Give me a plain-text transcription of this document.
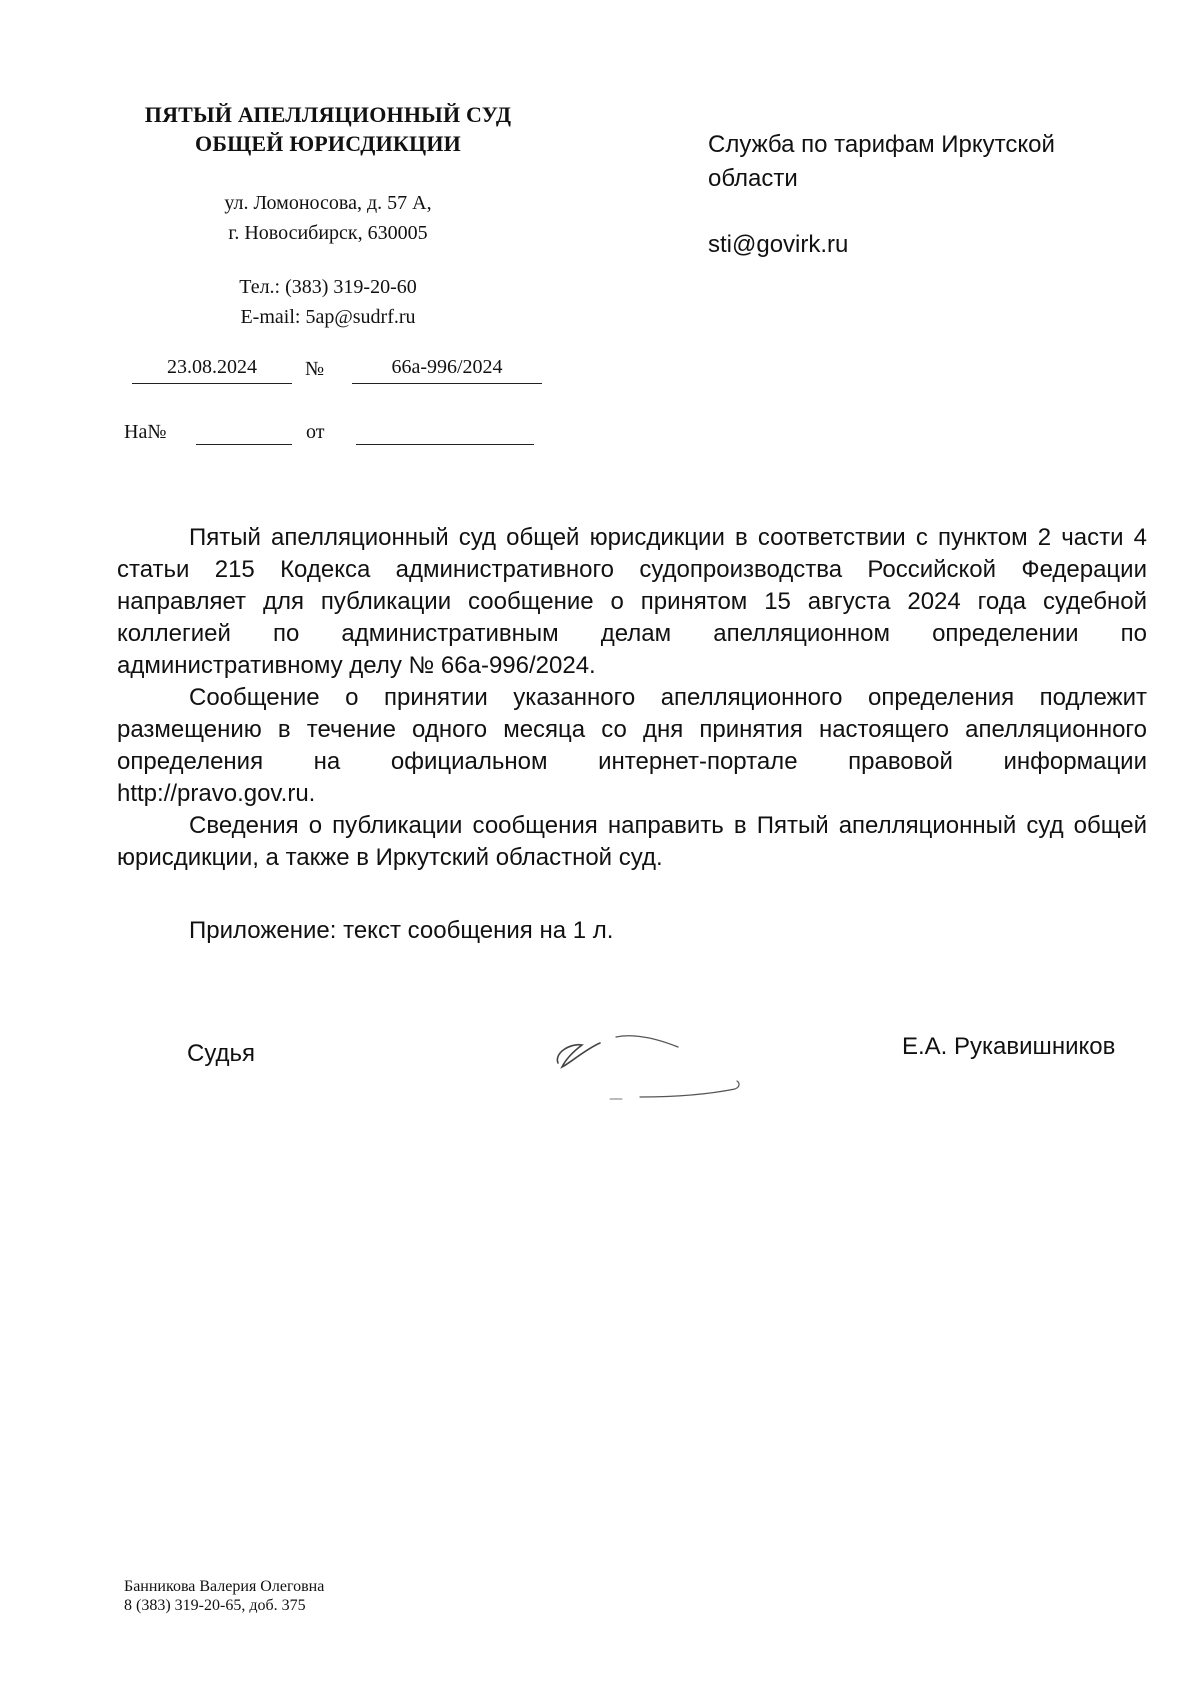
ПЯТЫЙ АПЕЛЛЯЦИОННЫЙ СУД
ОБЩЕЙ ЮРИСДИКЦИИ
ул. Ломоносова, д. 57 А,
г. Новосибирск, 630005
Тел.: (383) 319-20-60
E-mail: 5ap@sudrf.ru
23.08.2024	№	66а-996/2024
На№	от
Служба по тарифам Иркутской области
sti@govirk.ru

Пятый апелляционный суд общей юрисдикции в соответствии с пунктом 2 части 4 статьи 215 Кодекса административного судопроизводства Российской Федерации направляет для публикации сообщение о принятом 15 августа 2024 года судебной коллегией по административным делам апелляционном определении по административному делу № 66а-996/2024.

Сообщение о принятии указанного апелляционного определения подлежит размещению в течение одного месяца со дня принятия настоящего апелляционного определения на официальном интернет-портале правовой информации

http://pravo.gov.ru.

Сведения о публикации сообщения направить в Пятый апелляционный суд общей юрисдикции, а также в Иркутский областной суд.

Приложение: текст сообщения на 1 л.
Судья	Е.А. Рукавишников
Банникова Валерия Олеговна
8 (383) 319-20-65, доб. 375
